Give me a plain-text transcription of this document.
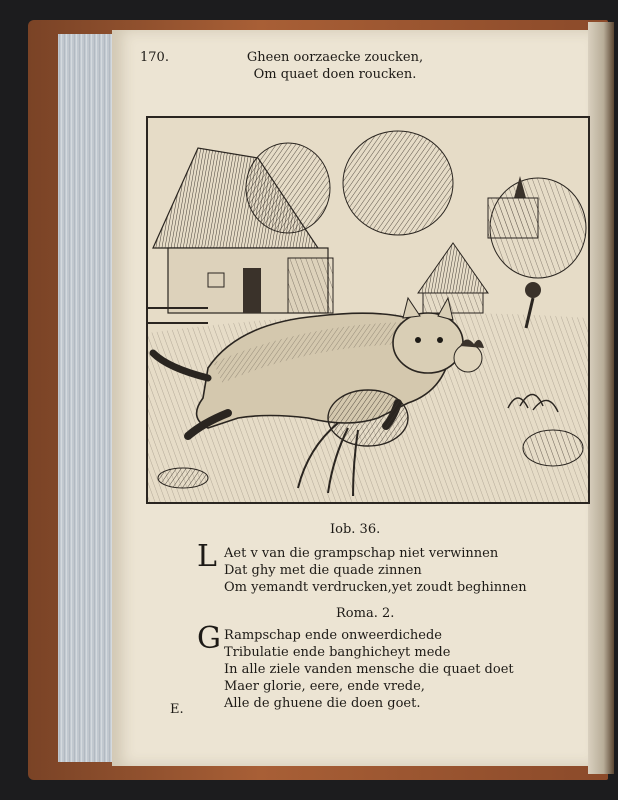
170.	Gheen oorzaecke zoucken,
Om quaet doen roucken.
Iob. 36.
L Aet v van die grampschap niet verwinnen
Dat ghy met die quade zinnen
Om yemandt verdrucken,yet zoudt beghinnen
Roma. 2.
G Rampschap ende onweerdichede
Tribulatie ende banghicheyt mede
In alle ziele vanden mensche die quaet doet
Maer glorie, eere, ende vrede,
Alle de ghuene die doen goet.
E.
